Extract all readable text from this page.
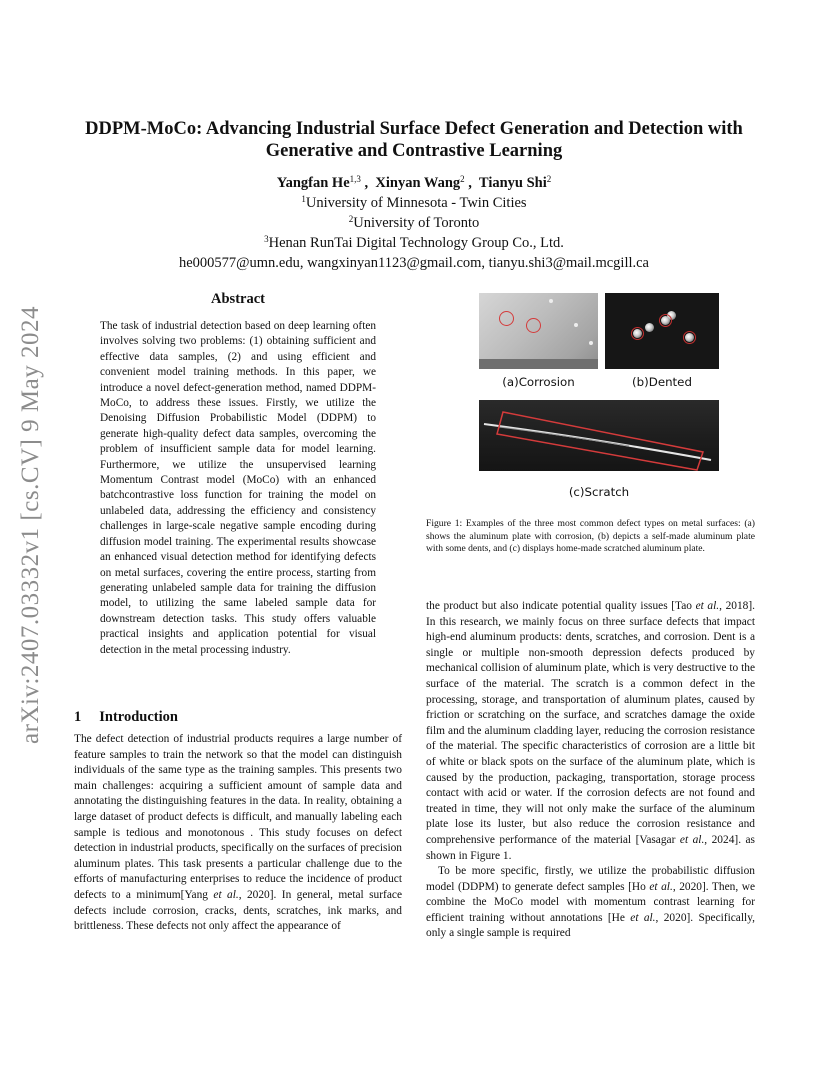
arXiv:2407.03332v1 [cs.CV] 9 May 2024
DDPM-MoCo: Advancing Industrial Surface Defect Generation and Detection with Generative and Contrastive Learning
Yangfan He$^{1,3}$ ,  Xinyan Wang$^2$ ,  Tianyu Shi$^2$
$^1$University of Minnesota - Twin Cities
$^2$University of Toronto
$^3$Henan RunTai Digital Technology Group Co., Ltd.
he000577@umn.edu, wangxinyan1123@gmail.com, tianyu.shi3@mail.mcgill.ca
Abstract

The task of industrial detection based on deep learning often involves solving two problems: (1) obtaining sufficient and effective data samples, (2) and using efficient and convenient model training methods. In this paper, we introduce a novel defect-generation method, named DDPM-MoCo, to address these issues. Firstly, we utilize the Denoising Diffusion Probabilistic Model (DDPM) to generate high-quality defect data samples, overcoming the problem of insufficient sample data for model learning. Furthermore, we utilize the unsupervised learning Momentum Contrast model (MoCo) with an enhanced batchcontrastive loss function for training the model on unlabeled data, addressing the efficiency and consistency challenges in large-scale negative sample encoding during diffusion model training. The experimental results showcase an enhanced visual detection method for identifying defects on metal surfaces, covering the entire process, starting from generating unlabeled sample data for training the diffusion model, to utilizing the same labeled sample data for downstream detection tasks. This study offers valuable practical insights and application potential for visual detection in the metal processing industry.

1 Introduction

The defect detection of industrial products requires a large number of feature samples to train the network so that the model can distinguish individuals of the same type as the training samples. This presents two main challenges: acquiring a sufficient amount of sample data and annotating the distinguishing features in the data. In reality, obtaining a large dataset of product defects is difficult, and manually labeling each sample is tedious and monotonous . This study focuses on defect detection in industrial products, specifically on the surfaces of precision aluminum plates. This task presents a particular challenge due to the efforts of manufacturing enterprises to reduce the incidence of product defects to a minimum[Yang et al., 2020]. In general, metal surface defects include corrosion, cracks, dents, scratches, ink marks, and brittleness. These defects not only affect the appearance of

(a)Corrosion	(b)Dented
(c)Scratch

Figure 1: Examples of the three most common defect types on metal surfaces: (a) shows the aluminum plate with corrosion, (b) depicts a self-made aluminum plate with some dents, and (c) displays home-made scratched aluminum plate.

the product but also indicate potential quality issues [Tao et al., 2018]. In this research, we mainly focus on three surface defects that impact high-end aluminum products: dents, scratches, and corrosion. Dent is a single or multiple non-smooth depression defects produced by mechanical collision of aluminum plate, which is very destructive to the surface of the material. The scratch is a common defect in the processing, storage, and transportation of aluminum plates, caused by friction or scratching on the surface, and scratches damage the oxide film and the aluminum cladding layer, reducing the corrosion resistance of the material. The specific characteristics of corrosion are a little bit of white or black spots on the surface of the aluminum plate, which is caused by the production, packaging, transportation, storage process contact with acid or water. If the corrosion defects are not found and treated in time, they will not only make the surface of the aluminum plate lose its luster, but also reduce the corrosion resistance and comprehensive performance of the material [Vasagar et al., 2024]. as shown in Figure 1.
To be more specific, firstly, we utilize the probabilistic diffusion model (DDPM) to generate defect samples [Ho et al., 2020]. Then, we combine the MoCo model with momentum contrast learning for efficient training without annotations [He et al., 2020]. Specifically, only a single sample is required
